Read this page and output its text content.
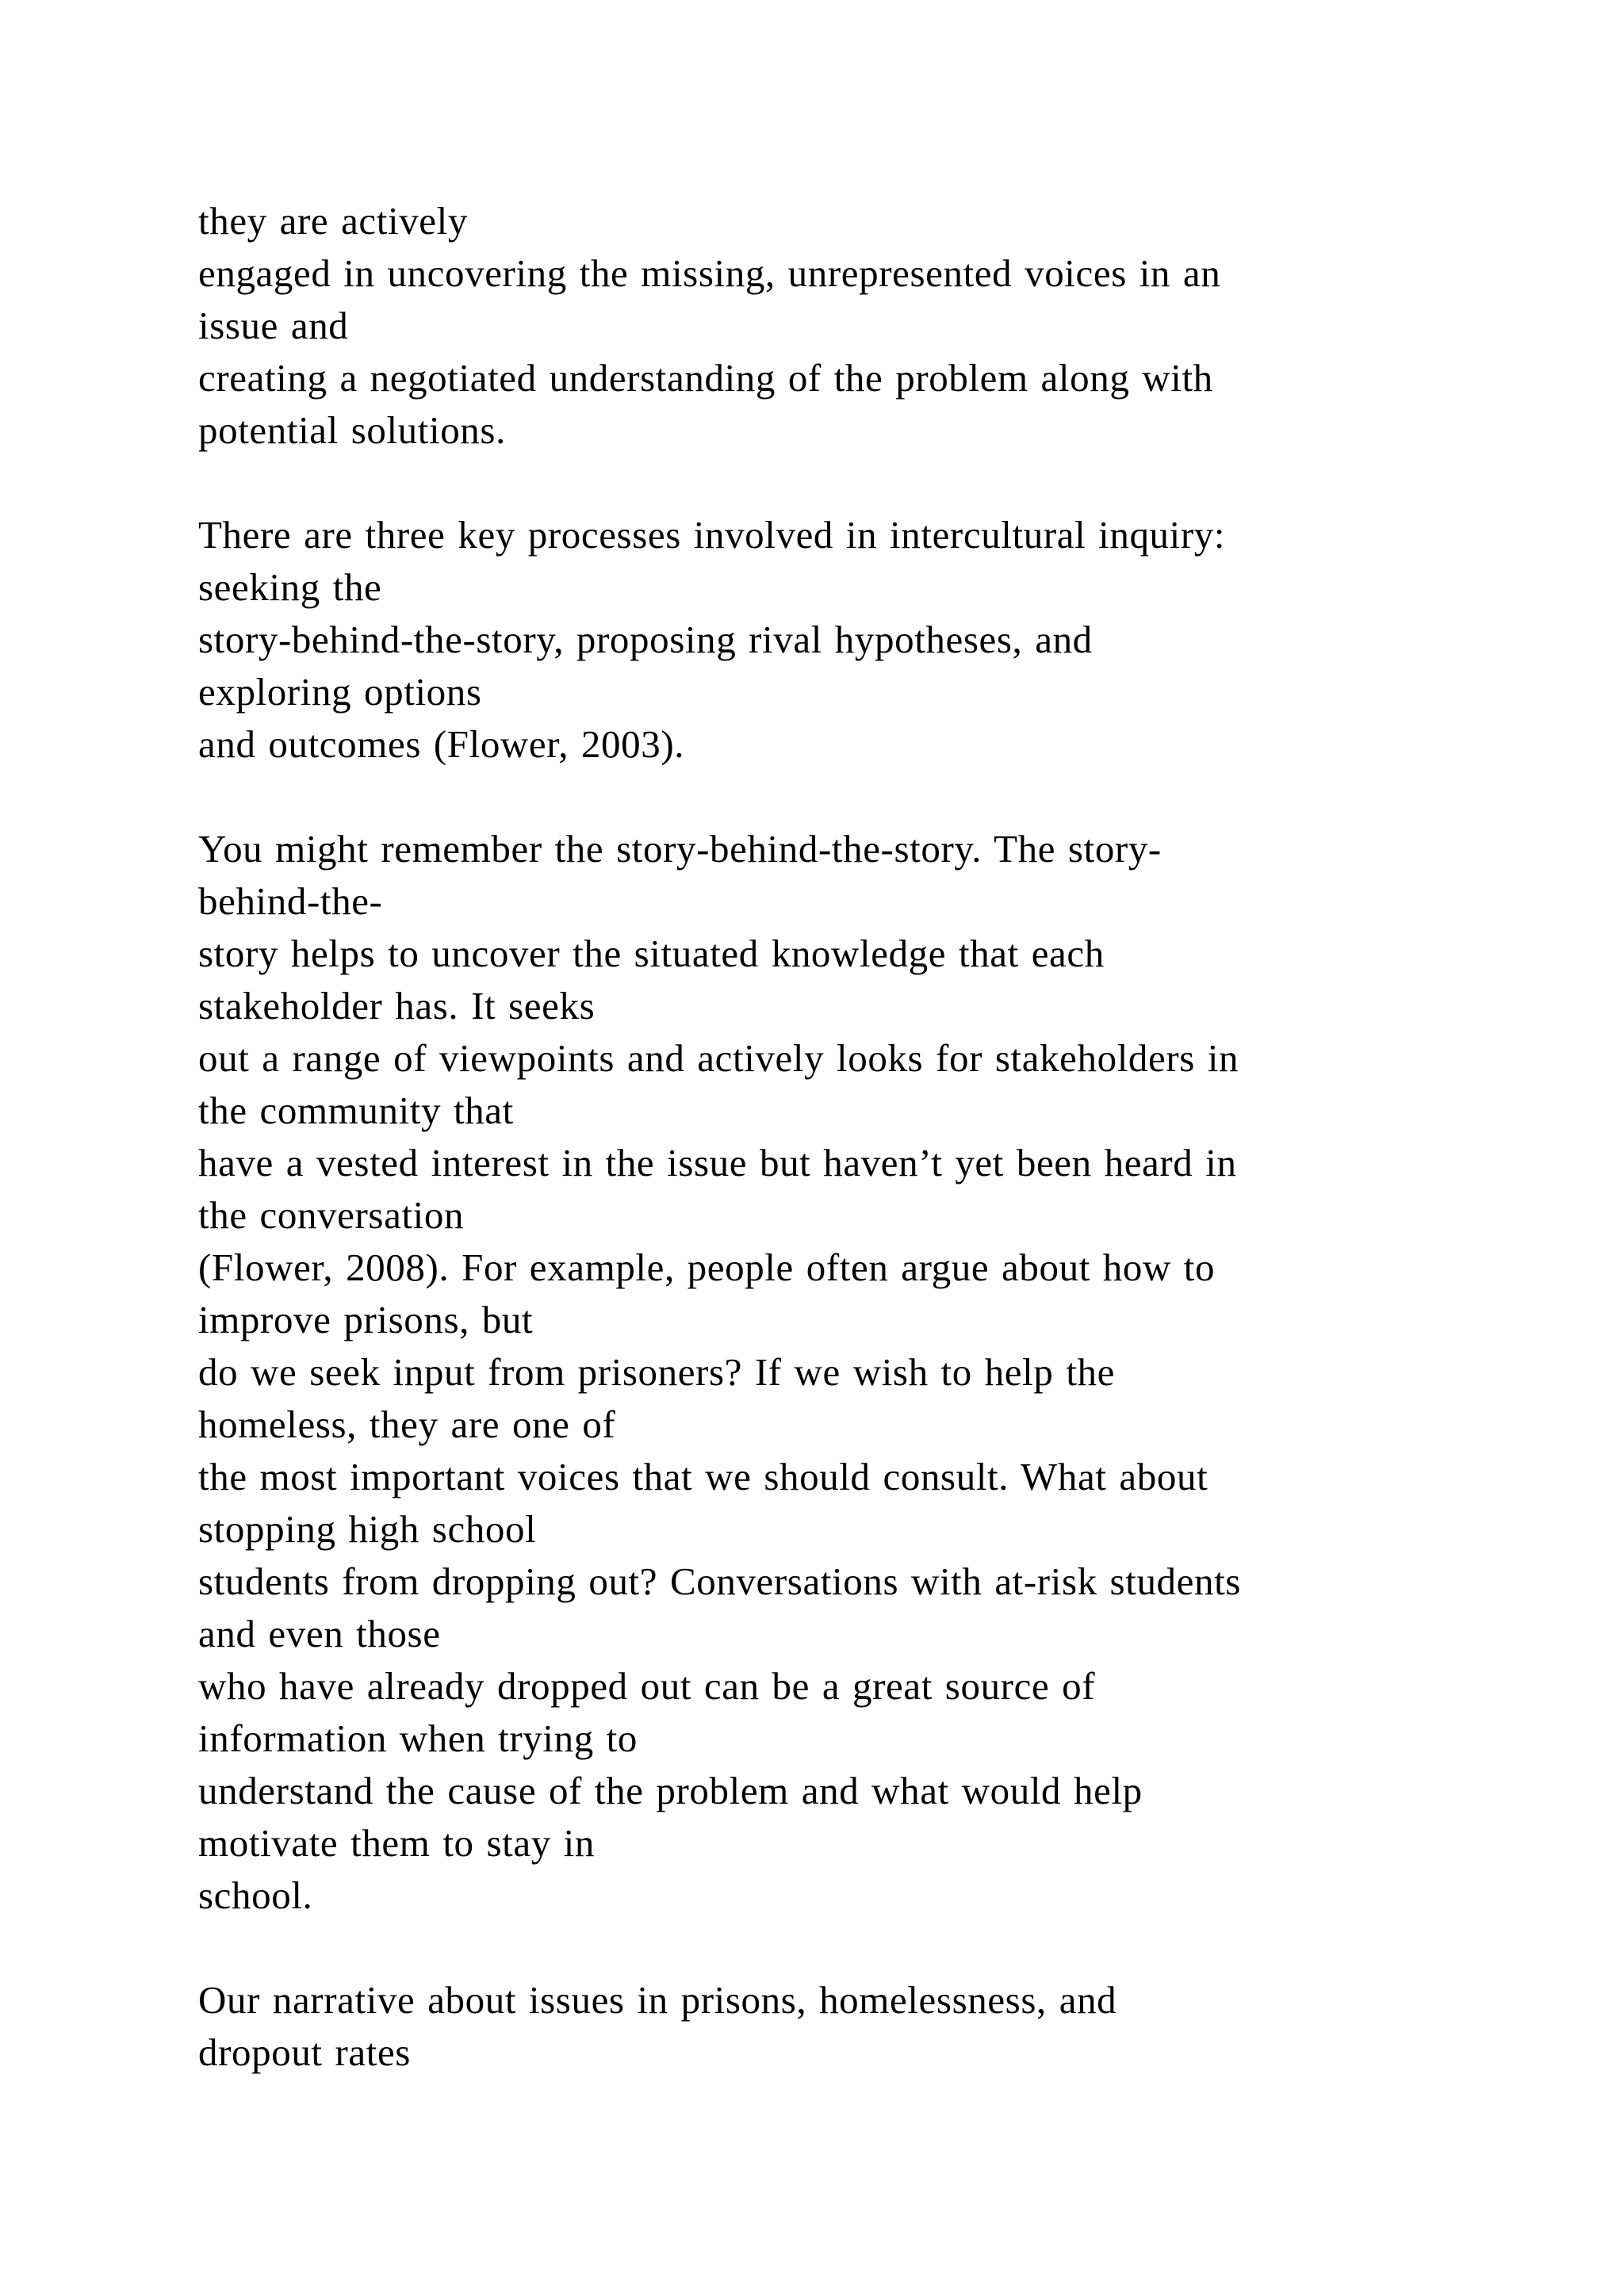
they are actively
engaged in uncovering the missing, unrepresented voices in an
issue and
creating a negotiated understanding of the problem along with
potential solutions.
There are three key processes involved in intercultural inquiry:
seeking the
story-behind-the-story, proposing rival hypotheses, and
exploring options
and outcomes (Flower, 2003).
You might remember the story-behind-the-story. The story-
behind-the-
story helps to uncover the situated knowledge that each
stakeholder has. It seeks
out a range of viewpoints and actively looks for stakeholders in
the community that
have a vested interest in the issue but haven’t yet been heard in
the conversation
(Flower, 2008). For example, people often argue about how to
improve prisons, but
do we seek input from prisoners? If we wish to help the
homeless, they are one of
the most important voices that we should consult. What about
stopping high school
students from dropping out? Conversations with at-risk students
and even those
who have already dropped out can be a great source of
information when trying to
understand the cause of the problem and what would help
motivate them to stay in
school.
Our narrative about issues in prisons, homelessness, and
dropout rates
